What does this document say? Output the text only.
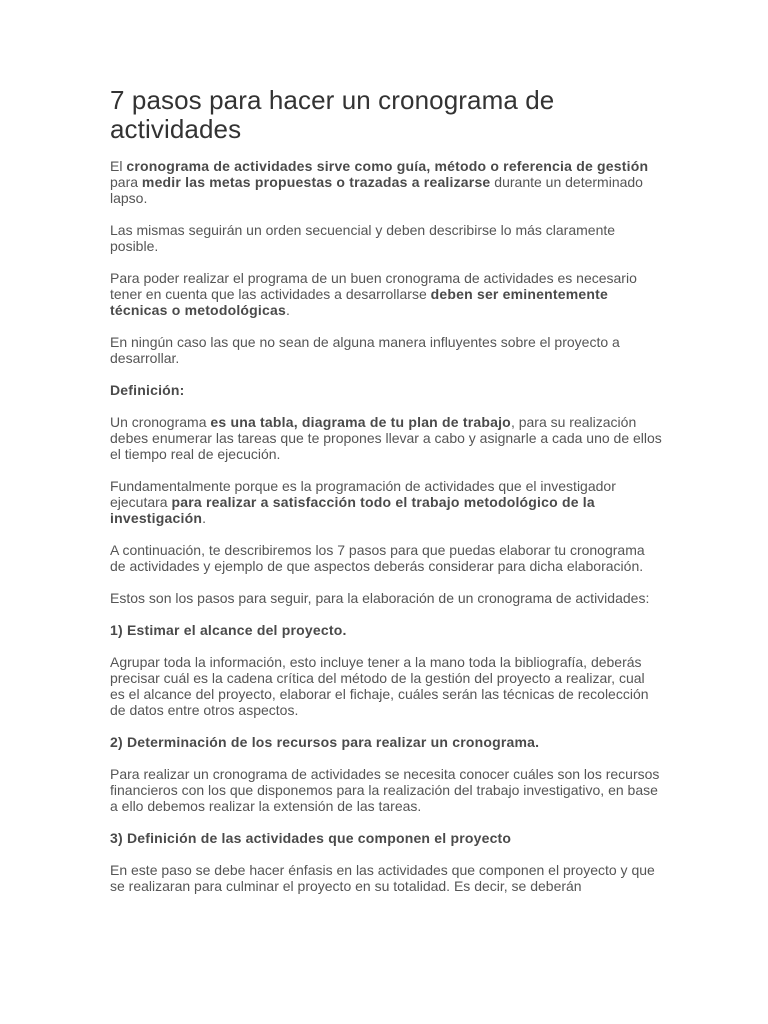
7 pasos para hacer un cronograma de actividades

El cronograma de actividades sirve como guía, método o referencia de gestión para medir las metas propuestas o trazadas a realizarse durante un determinado lapso.

Las mismas seguirán un orden secuencial y deben describirse lo más claramente posible.

Para poder realizar el programa de un buen cronograma de actividades es necesario tener en cuenta que las actividades a desarrollarse deben ser eminentemente técnicas o metodológicas.

En ningún caso las que no sean de alguna manera influyentes sobre el proyecto a desarrollar.

Definición:

Un cronograma es una tabla, diagrama de tu plan de trabajo, para su realización debes enumerar las tareas que te propones llevar a cabo y asignarle a cada uno de ellos el tiempo real de ejecución.

Fundamentalmente porque es la programación de actividades que el investigador ejecutara para realizar a satisfacción todo el trabajo metodológico de la investigación.

A continuación, te describiremos los 7 pasos para que puedas elaborar tu cronograma de actividades y ejemplo de que aspectos deberás considerar para dicha elaboración.

Estos son los pasos para seguir, para la elaboración de un cronograma de actividades:

1) Estimar el alcance del proyecto.

Agrupar toda la información, esto incluye tener a la mano toda la bibliografía, deberás precisar cuál es la cadena crítica del método de la gestión del proyecto a realizar, cual es el alcance del proyecto, elaborar el fichaje, cuáles serán las técnicas de recolección de datos entre otros aspectos.

2) Determinación de los recursos para realizar un cronograma.

Para realizar un cronograma de actividades se necesita conocer cuáles son los recursos financieros con los que disponemos para la realización del trabajo investigativo, en base a ello debemos realizar la extensión de las tareas.

3) Definición de las actividades que componen el proyecto

En este paso se debe hacer énfasis en las actividades que componen el proyecto y que se realizaran para culminar el proyecto en su totalidad. Es decir, se deberán
